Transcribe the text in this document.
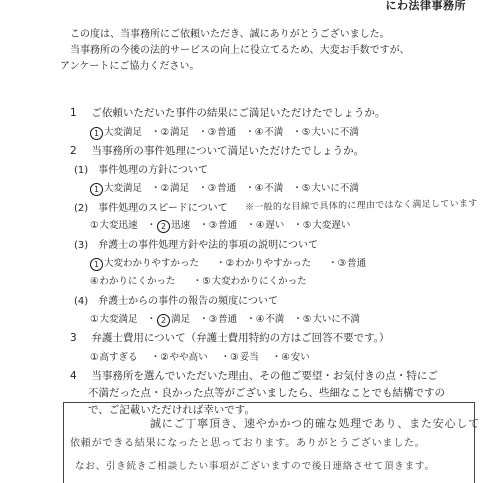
にわ法律事務所
この度は、当事務所にご依頼いただき、誠にありがとうございました。
当事務所の今後の法的サービスの向上に役立てるため、大変お手数ですが、
アンケートにご協力ください。
1 ご依頼いただいた事件の結果にご満足いただけたでしょうか。
1 大変満足 ・②満足 ・③普通 ・④不満 ・⑤大いに不満
2 当事務所の事件処理について満足いただけたでしょうか。
(1)　事件処理の方針について
1 大変満足 ・②満足 ・③普通 ・④不満 ・⑤大いに不満
(2)　事件処理のスピードについて ※一般的な目線で具体的に理由ではなく満足しています
①大変迅速 ・ 2 迅速 ・③普通 ・④遅い ・⑤大変遅い
(3)　弁護士の事件処理方針や法的事項の説明について
1 大変わかりやすかった ・②わかりやすかった ・③普通
④わかりにくかった ・⑤大変わかりにくかった
(4)　弁護士からの事件の報告の頻度について
①大変満足 ・ 2 満足 ・③普通 ・④不満 ・⑤大いに不満
3 弁護士費用について（弁護士費用特約の方はご回答不要です。）
①高すぎる ・②やや高い ・③妥当 ・④安い
4 当事務所を選んでいただいた理由、その他ご要望・お気付きの点・特にご
不満だった点・良かった点等がございましたら、些細なことでも結構ですの
で、ご記載いただければ幸いです。
誠にご丁寧頂き、速やかかつ的確な処理であり、また安心して
依頼ができる結果になったと思っております。ありがとうございました。
なお、引き続きご相談したい事項がございますので後日連絡させて頂きます。
